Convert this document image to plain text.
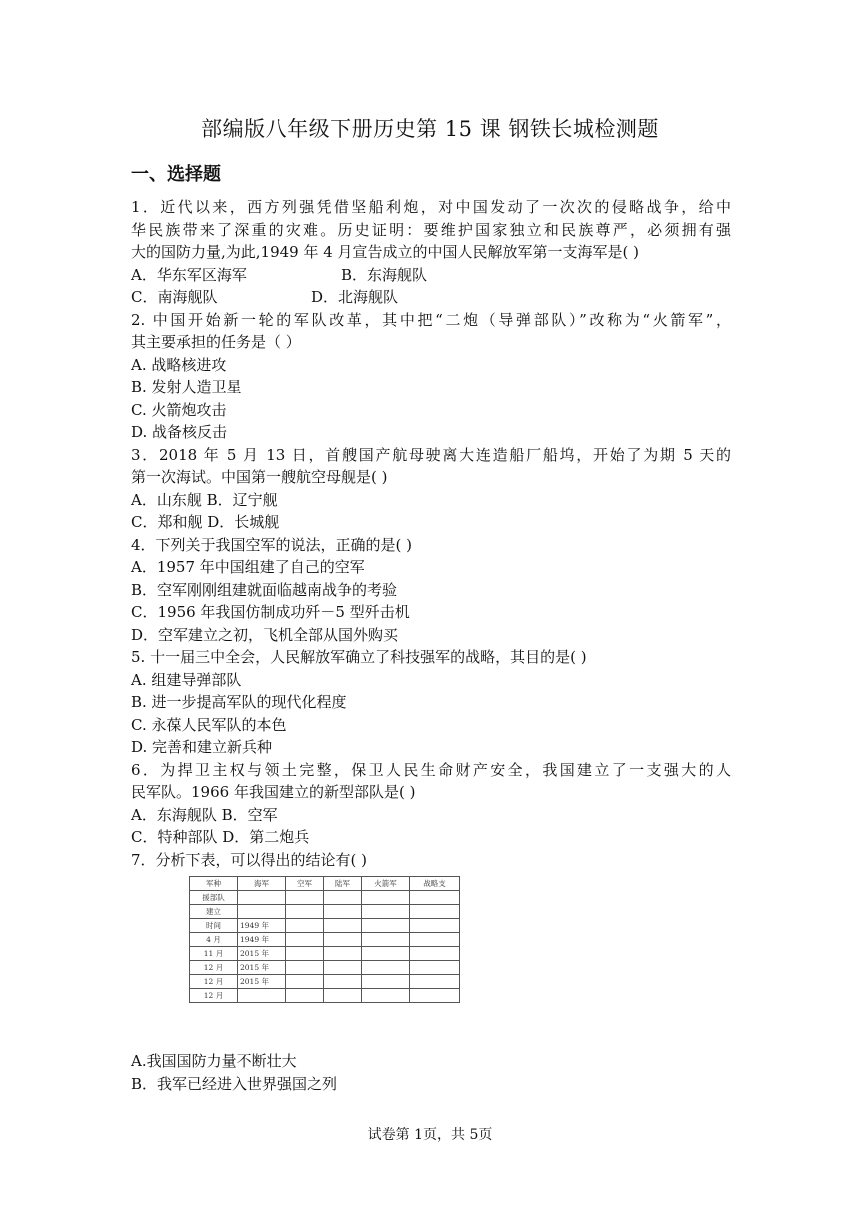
部编版八年级下册历史第 15 课 钢铁长城检测题
一、选择题
1．近代以来，西方列强凭借坚船利炮，对中国发动了一次次的侵略战争，给中
华民族带来了深重的灾难。历史证明：要维护国家独立和民族尊严，必须拥有强
大的国防力量,为此,1949 年 4 月宣告成立的中国人民解放军第一支海军是( )
A．华东军区海军	B．东海舰队
C．南海舰队	D．北海舰队
2. 中国开始新一轮的军队改革，其中把“二炮（导弹部队）”改称为“火箭军”，
其主要承担的任务是（ ）
A. 战略核进攻
B. 发射人造卫星
C. 火箭炮攻击
D. 战备核反击
3．2018 年 5 月 13 日，首艘国产航母驶离大连造船厂船坞，开始了为期 5 天的
第一次海试。中国第一艘航空母舰是( )
A．山东舰 B．辽宁舰
C．郑和舰 D．长城舰
4．下列关于我国空军的说法，正确的是( )
A．1957 年中国组建了自己的空军
B．空军刚刚组建就面临越南战争的考验
C．1956 年我国仿制成功歼－5 型歼击机
D．空军建立之初，飞机全部从国外购买
5. 十一届三中全会，人民解放军确立了科技强军的战略，其目的是( )
A. 组建导弹部队
B. 进一步提高军队的现代化程度
C. 永葆人民军队的本色
D. 完善和建立新兵种
6．为捍卫主权与领土完整，保卫人民生命财产安全，我国建立了一支强大的人
民军队。1966 年我国建立的新型部队是( )
A．东海舰队 B．空军
C．特种部队 D．第二炮兵
7．分析下表，可以得出的结论有( )
军种	海军	空军	陆军	火箭军	战略支
援部队					
建立					
时间	1949 年				
4 月	1949 年				
11 月	2015 年				
12 月	2015 年				
12 月	2015 年				
12 月					
A.我国国防力量不断壮大
B．我军已经进入世界强国之列
试卷第 1页，共 5页
